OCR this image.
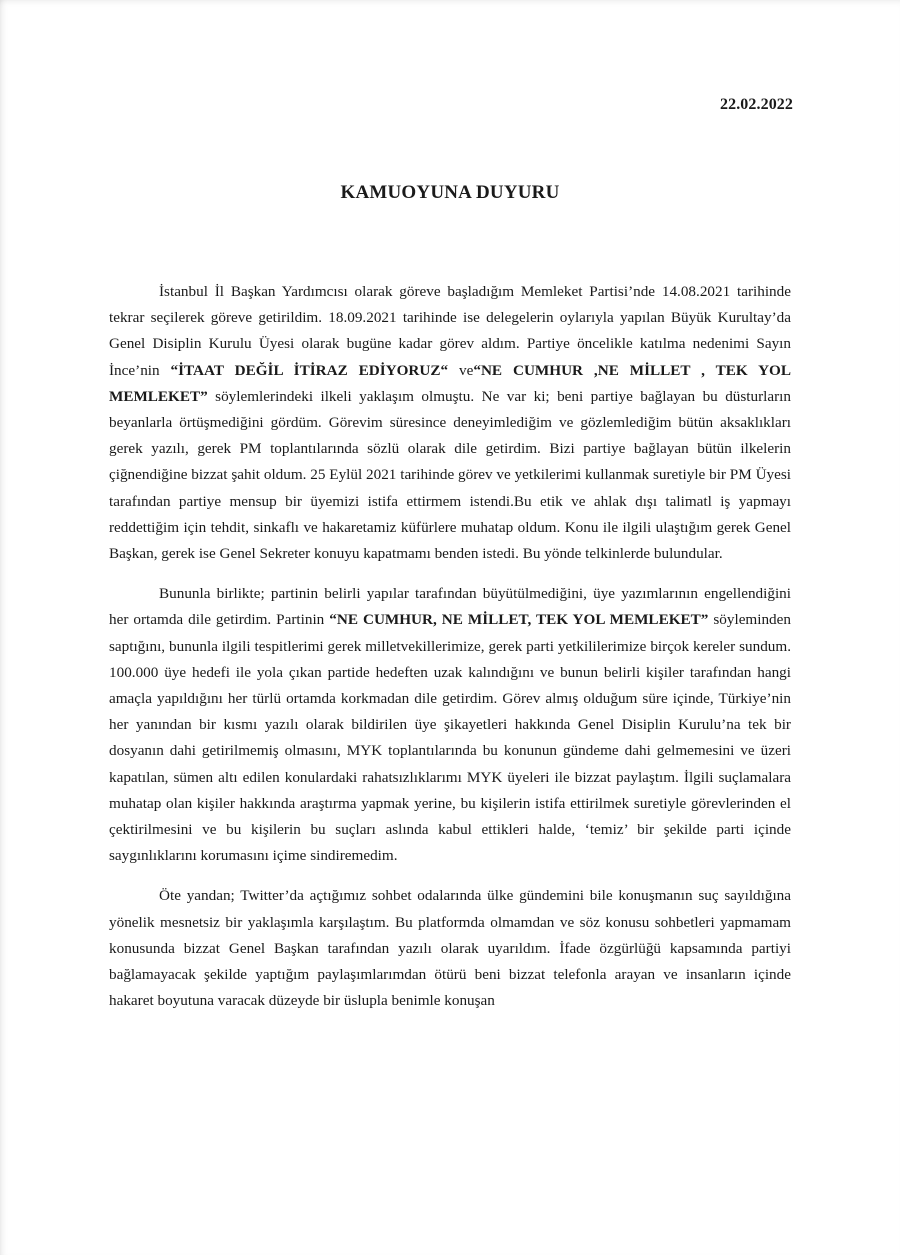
22.02.2022
KAMUOYUNA DUYURU

İstanbul İl Başkan Yardımcısı olarak göreve başladığım Memleket Partisi’nde 14.08.2021 tarihinde tekrar seçilerek göreve getirildim. 18.09.2021 tarihinde ise delegelerin oylarıyla yapılan Büyük Kurultay’da Genel Disiplin Kurulu Üyesi olarak bugüne kadar görev aldım. Partiye öncelikle katılma nedenimi Sayın İnce’nin “İTAAT DEĞİL İTİRAZ EDİYORUZ“ ve“NE CUMHUR ,NE MİLLET , TEK YOL MEMLEKET” söylemlerindeki ilkeli yaklaşım olmuştu. Ne var ki; beni partiye bağlayan bu düsturların beyanlarla örtüşmediğini gördüm. Görevim süresince deneyimlediğim ve gözlemlediğim bütün aksaklıkları gerek yazılı, gerek PM toplantılarında sözlü olarak dile getirdim. Bizi partiye bağlayan bütün ilkelerin çiğnendiğine bizzat şahit oldum. 25 Eylül 2021 tarihinde görev ve yetkilerimi kullanmak suretiyle bir PM Üyesi tarafından partiye mensup bir üyemizi istifa ettirmem istendi.Bu etik ve ahlak dışı talimatl iş yapmayı reddettiğim için tehdit, sinkaflı ve hakaretamiz küfürlere muhatap oldum. Konu ile ilgili ulaştığım gerek Genel Başkan, gerek ise Genel Sekreter konuyu kapatmamı benden istedi. Bu yönde telkinlerde bulundular.

Bununla birlikte; partinin belirli yapılar tarafından büyütülmediğini, üye yazımlarının engellendiğini her ortamda dile getirdim. Partinin “NE CUMHUR, NE MİLLET, TEK YOL MEMLEKET” söyleminden saptığını, bununla ilgili tespitlerimi gerek milletvekillerimize, gerek parti yetkililerimize birçok kereler sundum. 100.000 üye hedefi ile yola çıkan partide hedeften uzak kalındığını ve bunun belirli kişiler tarafından hangi amaçla yapıldığını her türlü ortamda korkmadan dile getirdim. Görev almış olduğum süre içinde, Türkiye’nin her yanından bir kısmı yazılı olarak bildirilen üye şikayetleri hakkında Genel Disiplin Kurulu’na tek bir dosyanın dahi getirilmemiş olmasını, MYK toplantılarında bu konunun gündeme dahi gelmemesini ve üzeri kapatılan, sümen altı edilen konulardaki rahatsızlıklarımı MYK üyeleri ile bizzat paylaştım. İlgili suçlamalara muhatap olan kişiler hakkında araştırma yapmak yerine, bu kişilerin istifa ettirilmek suretiyle görevlerinden el çektirilmesini ve bu kişilerin bu suçları aslında kabul ettikleri halde, ‘temiz’ bir şekilde parti içinde saygınlıklarını korumasını içime sindiremedim.

Öte yandan; Twitter’da açtığımız sohbet odalarında ülke gündemini bile konuşmanın suç sayıldığına yönelik mesnetsiz bir yaklaşımla karşılaştım. Bu platformda olmamdan ve söz konusu sohbetleri yapmamam konusunda bizzat Genel Başkan tarafından yazılı olarak uyarıldım. İfade özgürlüğü kapsamında partiyi bağlamayacak şekilde yaptığım paylaşımlarımdan ötürü beni bizzat telefonla arayan ve insanların içinde hakaret boyutuna varacak düzeyde bir üslupla benimle konuşan
